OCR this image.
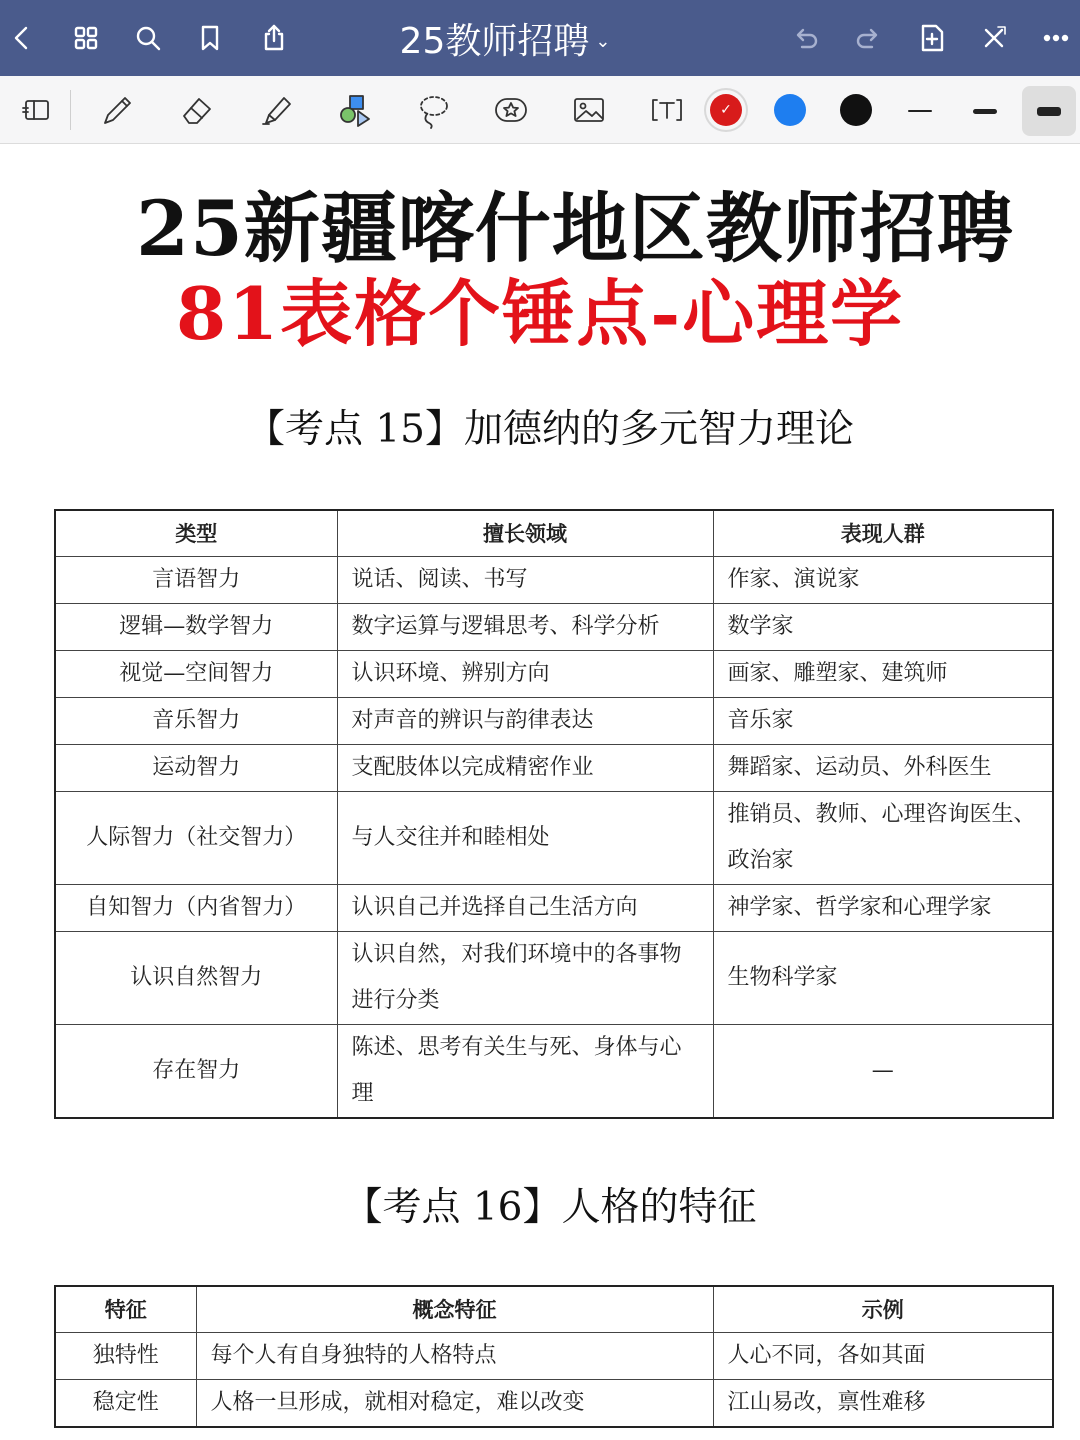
25教师招聘 ⌄
✓
25新疆喀什地区教师招聘
81表格个锤点-心理学
【考点 15】加德纳的多元智力理论
类型	擅长领域	表现人群
言语智力	说话、阅读、书写	作家、演说家
逻辑—数学智力	数字运算与逻辑思考、科学分析	数学家
视觉—空间智力	认识环境、辨别方向	画家、雕塑家、建筑师
音乐智力	对声音的辨识与韵律表达	音乐家
运动智力	支配肢体以完成精密作业	舞蹈家、运动员、外科医生
人际智力（社交智力）	与人交往并和睦相处	推销员、教师、心理咨询医生、政治家
自知智力（内省智力）	认识自己并选择自己生活方向	神学家、哲学家和心理学家
认识自然智力	认识自然，对我们环境中的各事物进行分类	生物科学家
存在智力	陈述、思考有关生与死、身体与心理	—
【考点 16】人格的特征
特征	概念特征	示例
独特性	每个人有自身独特的人格特点	人心不同，各如其面
稳定性	人格一旦形成，就相对稳定，难以改变	江山易改，禀性难移
